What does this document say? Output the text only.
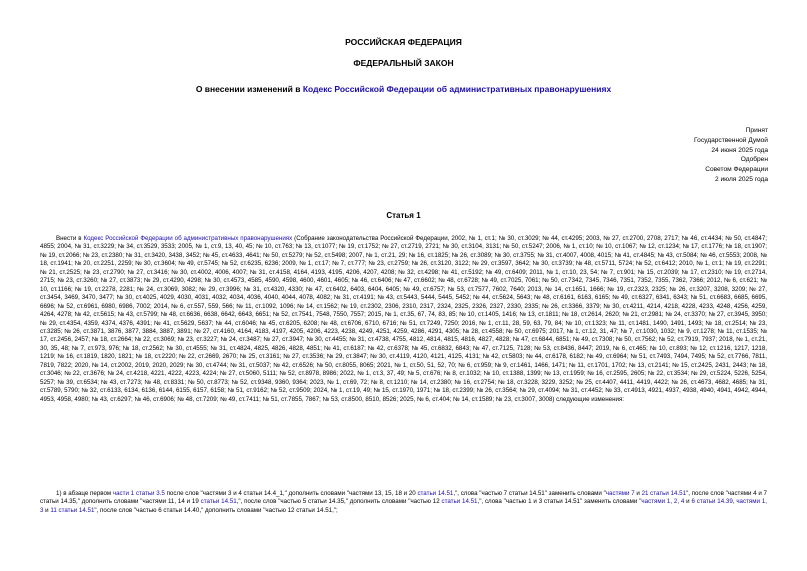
РОССИЙСКАЯ ФЕДЕРАЦИЯ
ФЕДЕРАЛЬНЫЙ ЗАКОН
О внесении изменений в Кодекс Российской Федерации об административных правонарушениях
Принят
Государственной Думой
24 июня 2025 года
Одобрен
Советом Федерации
2 июля 2025 года
Статья 1

Внести в Кодекс Российской Федерации об административных правонарушениях (Собрание законодательства Российской Федерации, 2002, № 1, ст.1; № 30, ст.3029; № 44, ст.4295; 2003, № 27, ст.2700, 2708, 2717; № 46, ст.4434; № 50, ст.4847; 4855; 2004, № 31, ст.3229; № 34, ст.3529, 3533; 2005, № 1, ст.9, 13, 40, 45; № 10, ст.763; № 13, ст.1077; № 19, ст.1752; № 27, ст.2719, 2721; № 30, ст.3104, 3131; № 50, ст.5247; 2006, № 1, ст.10; № 10, ст.1067; № 12, ст.1234; № 17, ст.1776; № 18, ст.1907; № 19, ст.2066; № 23, ст.2380; № 31, ст.3420, 3438, 3452; № 45, ст.4633, 4641; № 50, ст.5279; № 52, ст.5498; 2007, № 1, ст.21, 29; № 16, ст.1825; № 26, ст.3089; № 30, ст.3755; № 31, ст.4007, 4008, 4015; № 41, ст.4845; № 43, ст.5084; № 46, ст.5553; 2008, № 18, ст.1941; № 20, ст.2251, 2259; № 30, ст.3604; № 49, ст.5745; № 52, ст.6235, 6236; 2009, № 1, ст.17; № 7, ст.777; № 23, ст.2759; № 26, ст.3120, 3122; № 29, ст.3597, 3642; № 30, ст.3739; № 48, ст.5711, 5724; № 52, ст.6412; 2010, № 1, ст.1; № 19, ст.2291; № 21, ст.2525; № 23, ст.2790; № 27, ст.3416; № 30, ст.4002, 4006, 4007; № 31, ст.4158, 4164, 4193, 4195, 4206, 4207, 4208; № 32, ст.4298; № 41, ст.5192; № 49, ст.6409; 2011, № 1, ст.10, 23, 54; № 7, ст.901; № 15, ст.2039; № 17, ст.2310; № 19, ст.2714, 2715; № 23, ст.3260; № 27, ст.3873; № 29, ст.4290, 4298; № 30, ст.4573, 4585, 4590, 4598, 4600, 4601, 4605; № 46, ст.6406; № 47, ст.6602; № 48, ст.6728; № 49, ст.7025, 7061; № 50, ст.7342, 7345, 7346, 7351, 7352, 7355, 7362, 7366; 2012, № 6, ст.621; № 10, ст.1166; № 19, ст.2278, 2281; № 24, ст.3069, 3082; № 29, ст.3996; № 31, ст.4320, 4330; № 47, ст.6402, 6403, 6404, 6405; № 49, ст.6757; № 53, ст.7577, 7602, 7640; 2013, № 14, ст.1651, 1666; № 19, ст.2323, 2325; № 26, ст.3207, 3208, 3209; № 27, ст.3454, 3469, 3470, 3477; № 30, ст.4025, 4029, 4030, 4031, 4032, 4034, 4036, 4040, 4044, 4078, 4082; № 31, ст.4191; № 43, ст.5443, 5444, 5445, 5452; № 44, ст.5624, 5643; № 48, ст.6161, 6163, 6165; № 49, ст.6327, 6341, 6343; № 51, ст.6683, 6685, 6695, 6696; № 52, ст.6961, 6980, 6986, 7002; 2014, № 6, ст.557, 559, 566; № 11, ст.1092, 1096; № 14, ст.1562; № 19, ст.2302, 2306, 2310, 2317, 2324, 2325, 2326, 2327, 2330, 2335; № 26, ст.3366, 3379; № 30, ст.4211, 4214, 4218, 4228, 4233, 4248, 4256, 4259, 4264, 4278; № 42, ст.5615; № 43, ст.5799; № 48, ст.6636, 6638, 6642, 6643, 6651; № 52, ст.7541, 7548, 7550, 7557; 2015, № 1, ст.35, 67, 74, 83, 85; № 10, ст.1405, 1416; № 13, ст.1811; № 18, ст.2614, 2620; № 21, ст.2981; № 24, ст.3370; № 27, ст.3945, 3950; № 29, ст.4354, 4359, 4374, 4376, 4391; № 41, ст.5629, 5637; № 44, ст.6046; № 45, ст.6205, 6208; № 48, ст.6706, 6710, 6716; № 51, ст.7249, 7250; 2016, № 1, ст.11, 28, 59, 63, 79, 84; № 10, ст.1323; № 11, ст.1481, 1490, 1491, 1493; № 18, ст.2514; № 23, ст.3285; № 26, ст.3871, 3876, 3877, 3884, 3887, 3891; № 27, ст.4160, 4164, 4183, 4197, 4205, 4206, 4223, 4238, 4249, 4251, 4259, 4286, 4291, 4305; № 28, ст.4558; № 50, ст.6975; 2017, № 1, ст.12, 31, 47; № 7, ст.1030, 1032; № 9, ст.1278; № 11, ст.1535; № 17, ст.2456, 2457; № 18, ст.2664; № 22, ст.3069; № 23, ст.3227; № 24, ст.3487; № 27, ст.3947; № 30, ст.4455; № 31, ст.4738, 4755, 4812, 4814, 4815, 4816, 4827, 4828; № 47, ст.6844, 6851; № 49, ст.7308; № 50, ст.7562; № 52, ст.7919, 7937; 2018, № 1, ст.21, 30, 35, 48; № 7, ст.973, 976; № 18, ст.2562; № 30, ст.4555; № 31, ст.4824, 4825, 4826, 4828, 4851; № 41, ст.6187; № 42, ст.6378; № 45, ст.6832, 6843; № 47, ст.7125, 7128; № 53, ст.8436, 8447; 2019, № 6, ст.465; № 10, ст.893; № 12, ст.1216, 1217, 1218, 1219; № 16, ст.1819, 1820, 1821; № 18, ст.2220; № 22, ст.2669, 2670; № 25, ст.3161; № 27, ст.3536; № 29, ст.3847; № 30, ст.4119, 4120, 4121, 4125, 4131; № 42, ст.5803; № 44, ст.6178, 6182; № 49, ст.6964; № 51, ст.7493, 7494, 7495; № 52, ст.7766, 7811, 7819, 7822; 2020, № 14, ст.2002, 2019, 2020, 2029; № 30, ст.4744; № 31, ст.5037; № 42, ст.6526; № 50, ст.8055, 8065; 2021, № 1, ст.50, 51, 52, 70; № 6, ст.959; № 9, ст.1461, 1466, 1471; № 11, ст.1701, 1702; № 13, ст.2141; № 15, ст.2425, 2431, 2443; № 18, ст.3046; № 22, ст.3676; № 24, ст.4218, 4221, 4222, 4223, 4224; № 27, ст.5060, 5111; № 52, ст.8978, 8986; 2022, № 1, ст.3, 37, 49; № 5, ст.676; № 8, ст.1032; № 10, ст.1388, 1399; № 13, ст.1959; № 16, ст.2595, 2605; № 22, ст.3534; № 29, ст.5224, 5226, 5254, 5257; № 39, ст.6534; № 43, ст.7273; № 48, ст.8331; № 50, ст.8773; № 52, ст.9348, 9360, 9364; 2023, № 1, ст.69, 72; № 8, ст.1210; № 14, ст.2380; № 16, ст.2754; № 18, ст.3228, 3229, 3252; № 25, ст.4407, 4411, 4419, 4422; № 26, ст.4673, 4682, 4685; № 31, ст.5789, 5790; № 32, ст.6133, 6134, 6136, 6144, 6155, 6157, 6158; № 51, ст.9162; № 52, ст.9509; 2024, № 1, ст.19, 49; № 15, ст.1970, 1971; № 18, ст.2399; № 26, ст.3564; № 29, ст.4094; № 31, ст.4452; № 33, ст.4913, 4921, 4937, 4938, 4940, 4941, 4942, 4944, 4953, 4958, 4980; № 43, ст.6297; № 46, ст.6906; № 48, ст.7209; № 49, ст.7411; № 51, ст.7855, 7867; № 53, ст.8500, 8510, 8526; 2025, № 6, ст.404; № 14, ст.1589; № 23, ст.3007, 3008) следующие изменения:

1) в абзаце первом части 1 статьи 3.5 после слов "частями 3 и 4 статьи 14.4_1," дополнить словами "частями 13, 15, 18 и 20 статьи 14.51,", слова "частью 7 статьи 14.51" заменить словами "частями 7 и 21 статьи 14.51", после слов "частями 4 и 7 статьи 14.35," дополнить словами "частями 11, 14 и 19 статьи 14.51,", после слов "частью 5 статьи 14.35," дополнить словами "частью 12 статьи 14.51,", слова "частью 1 и 3 статьи 14.51" заменить словами "частями 1, 2, 4 и 6 статьи 14.39, частями 1, 3 и 11 статьи 14.51", после слов "частью 6 статьи 14.40," дополнить словами "частью 12 статьи 14.51,";
